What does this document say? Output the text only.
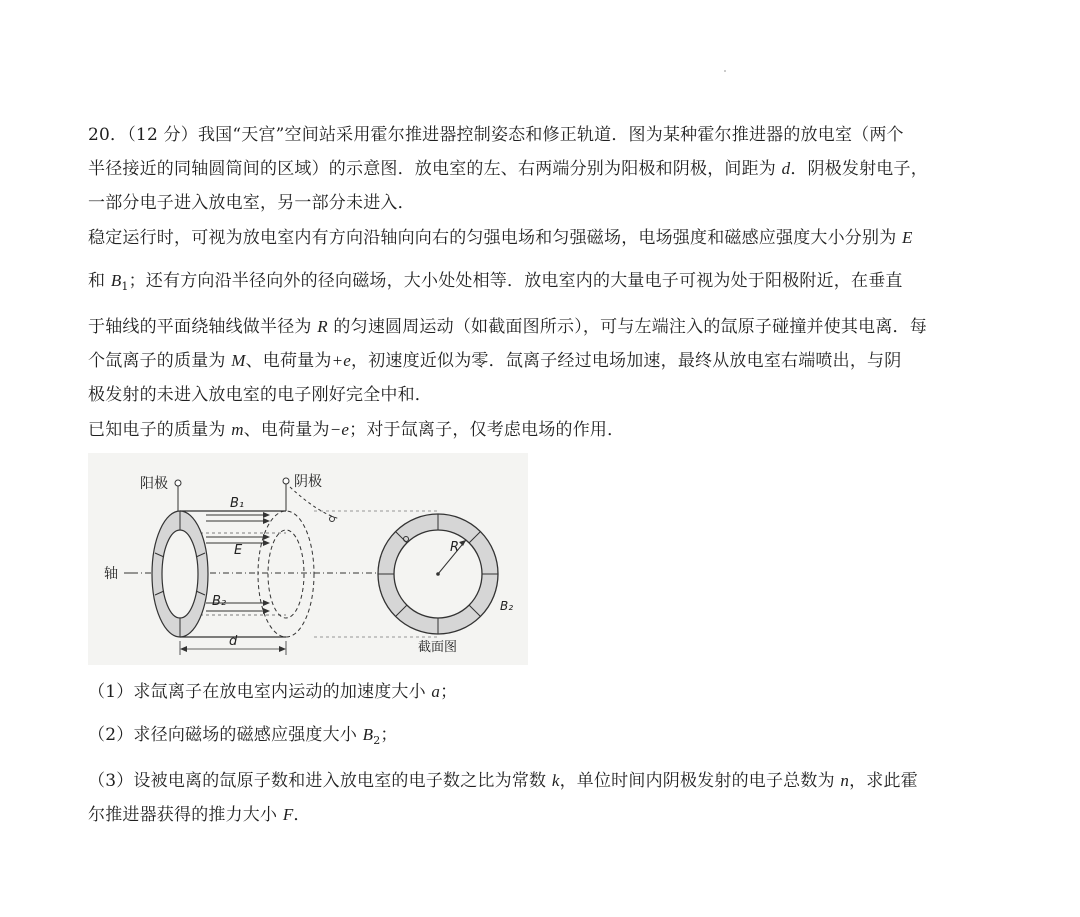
20．（12 分）我国“天宫”空间站采用霍尔推进器控制姿态和修正轨道．图为某种霍尔推进器的放电室（两个
半径接近的同轴圆筒间的区域）的示意图．放电室的左、右两端分别为阳极和阴极，间距为 d．阴极发射电子，
一部分电子进入放电室，另一部分未进入．
稳定运行时，可视为放电室内有方向沿轴向向右的匀强电场和匀强磁场，电场强度和磁感应强度大小分别为 E
和 $B_1$；还有方向沿半径向外的径向磁场，大小处处相等．放电室内的大量电子可视为处于阳极附近，在垂直
于轴线的平面绕轴线做半径为 R 的匀速圆周运动（如截面图所示），可与左端注入的氙原子碰撞并使其电离．每
个氙离子的质量为 M、电荷量为+e，初速度近似为零．氙离子经过电场加速，最终从放电室右端喷出，与阴
极发射的未进入放电室的电子刚好完全中和．
已知电子的质量为 m、电荷量为−e；对于氙离子，仅考虑电场的作用．
阳极	阴极
B₁
E
B₂
轴
d
R
B₂
截面图
（1）求氙离子在放电室内运动的加速度大小 a；
（2）求径向磁场的磁感应强度大小 $B_2$；
（3）设被电离的氙原子数和进入放电室的电子数之比为常数 k，单位时间内阴极发射的电子总数为 n，求此霍
尔推进器获得的推力大小 F．
